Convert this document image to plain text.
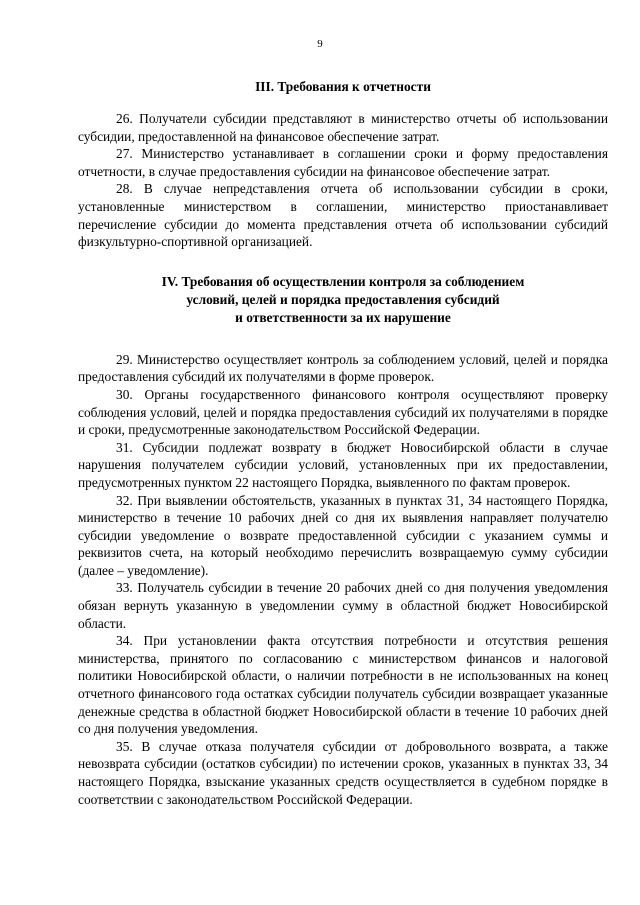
9
III. Требования к отчетности

26. Получатели субсидии представляют в министерство отчеты об использовании субсидии, предоставленной на финансовое обеспечение затрат.

27. Министерство устанавливает в соглашении сроки и форму предоставления отчетности, в случае предоставления субсидии на финансовое обеспечение затрат.

28. В случае непредставления отчета об использовании субсидии в сроки, установленные министерством в соглашении, министерство приостанавливает перечисление субсидии до момента представления отчета об использовании субсидий физкультурно-спортивной организацией.

IV. Требования об осуществлении контроля за соблюдением
условий, целей и порядка предоставления субсидий
и ответственности за их нарушение

29. Министерство осуществляет контроль за соблюдением условий, целей и порядка предоставления субсидий их получателями в форме проверок.

30. Органы государственного финансового контроля осуществляют проверку соблюдения условий, целей и порядка предоставления субсидий их получателями в порядке и сроки, предусмотренные законодательством Российской Федерации.

31. Субсидии подлежат возврату в бюджет Новосибирской области в случае нарушения получателем субсидии условий, установленных при их предоставлении, предусмотренных пунктом 22 настоящего Порядка, выявленного по фактам проверок.

32. При выявлении обстоятельств, указанных в пунктах 31, 34 настоящего Порядка, министерство в течение 10 рабочих дней со дня их выявления направляет получателю субсидии уведомление о возврате предоставленной субсидии с указанием суммы и реквизитов счета, на который необходимо перечислить возвращаемую сумму субсидии (далее – уведомление).

33. Получатель субсидии в течение 20 рабочих дней со дня получения уведомления обязан вернуть указанную в уведомлении сумму в областной бюджет Новосибирской области.

34. При установлении факта отсутствия потребности и отсутствия решения министерства, принятого по согласованию с министерством финансов и налоговой политики Новосибирской области, о наличии потребности в не использованных на конец отчетного финансового года остатках субсидии получатель субсидии возвращает указанные денежные средства в областной бюджет Новосибирской области в течение 10 рабочих дней со дня получения уведомления.

35. В случае отказа получателя субсидии от добровольного возврата, а также невозврата субсидии (остатков субсидии) по истечении сроков, указанных в пунктах 33, 34 настоящего Порядка, взыскание указанных средств осуществляется в судебном порядке в соответствии с законодательством Российской Федерации.
